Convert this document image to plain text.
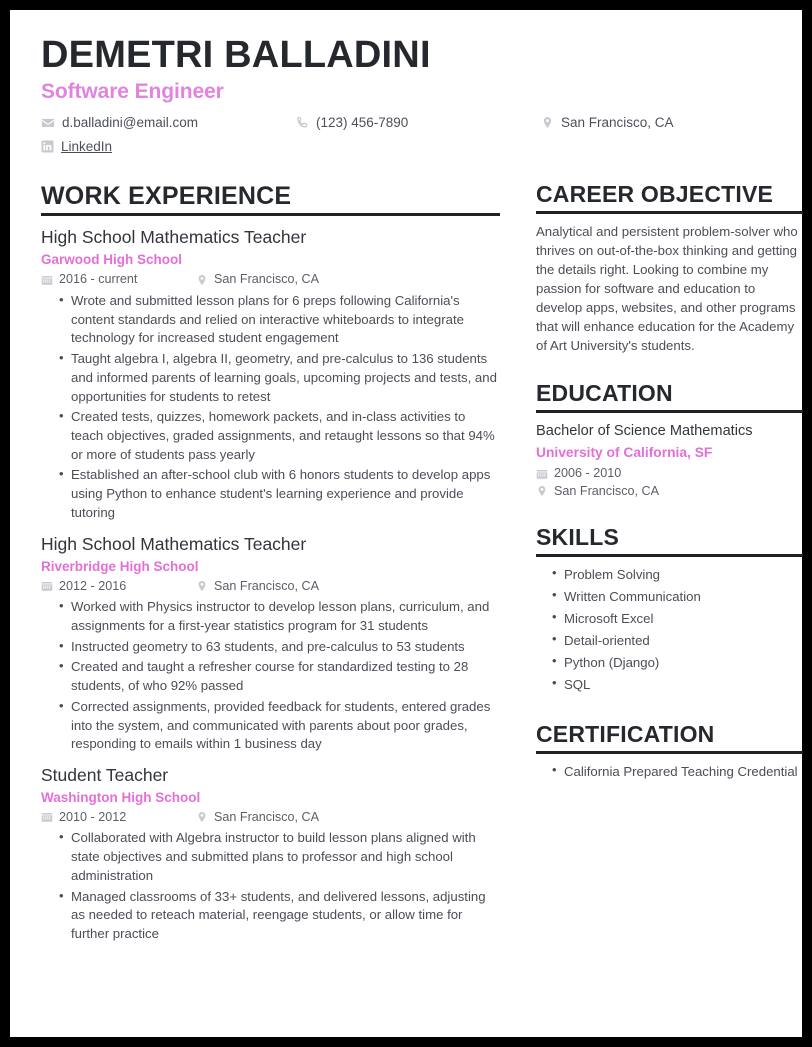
DEMETRI BALLADINI
Software Engineer
d.balladini@email.com	(123) 456-7890	San Francisco, CA
LinkedIn
WORK EXPERIENCE

High School Mathematics Teacher

Garwood High School

2016 - current	San Francisco, CA
• Wrote and submitted lesson plans for 6 preps following California's content standards and relied on interactive whiteboards to integrate technology for increased student engagement
• Taught algebra I, algebra II, geometry, and pre-calculus to 136 students and informed parents of learning goals, upcoming projects and tests, and opportunities for students to retest
• Created tests, quizzes, homework packets, and in-class activities to teach objectives, graded assignments, and retaught lessons so that 94% or more of students pass yearly
• Established an after-school club with 6 honors students to develop apps using Python to enhance student's learning experience and provide tutoring

High School Mathematics Teacher

Riverbridge High School

2012 - 2016	San Francisco, CA
• Worked with Physics instructor to develop lesson plans, curriculum, and assignments for a first-year statistics program for 31 students
• Instructed geometry to 63 students, and pre-calculus to 53 students
• Created and taught a refresher course for standardized testing to 28 students, of who 92% passed
• Corrected assignments, provided feedback for students, entered grades into the system, and communicated with parents about poor grades, responding to emails within 1 business day

Student Teacher

Washington High School

2010 - 2012	San Francisco, CA
• Collaborated with Algebra instructor to build lesson plans aligned with state objectives and submitted plans to professor and high school administration
• Managed classrooms of 33+ students, and delivered lessons, adjusting as needed to reteach material, reengage students, or allow time for further practice
CAREER OBJECTIVE

Analytical and persistent problem-solver who thrives on out-of-the-box thinking and getting the details right. Looking to combine my passion for software and education to develop apps, websites, and other programs that will enhance education for the Academy of Art University's students.

EDUCATION

Bachelor of Science Mathematics

University of California, SF

2006 - 2010
San Francisco, CA
SKILLS
• Problem Solving
• Written Communication
• Microsoft Excel
• Detail-oriented
• Python (Django)
• SQL
CERTIFICATION
• California Prepared Teaching Credential
